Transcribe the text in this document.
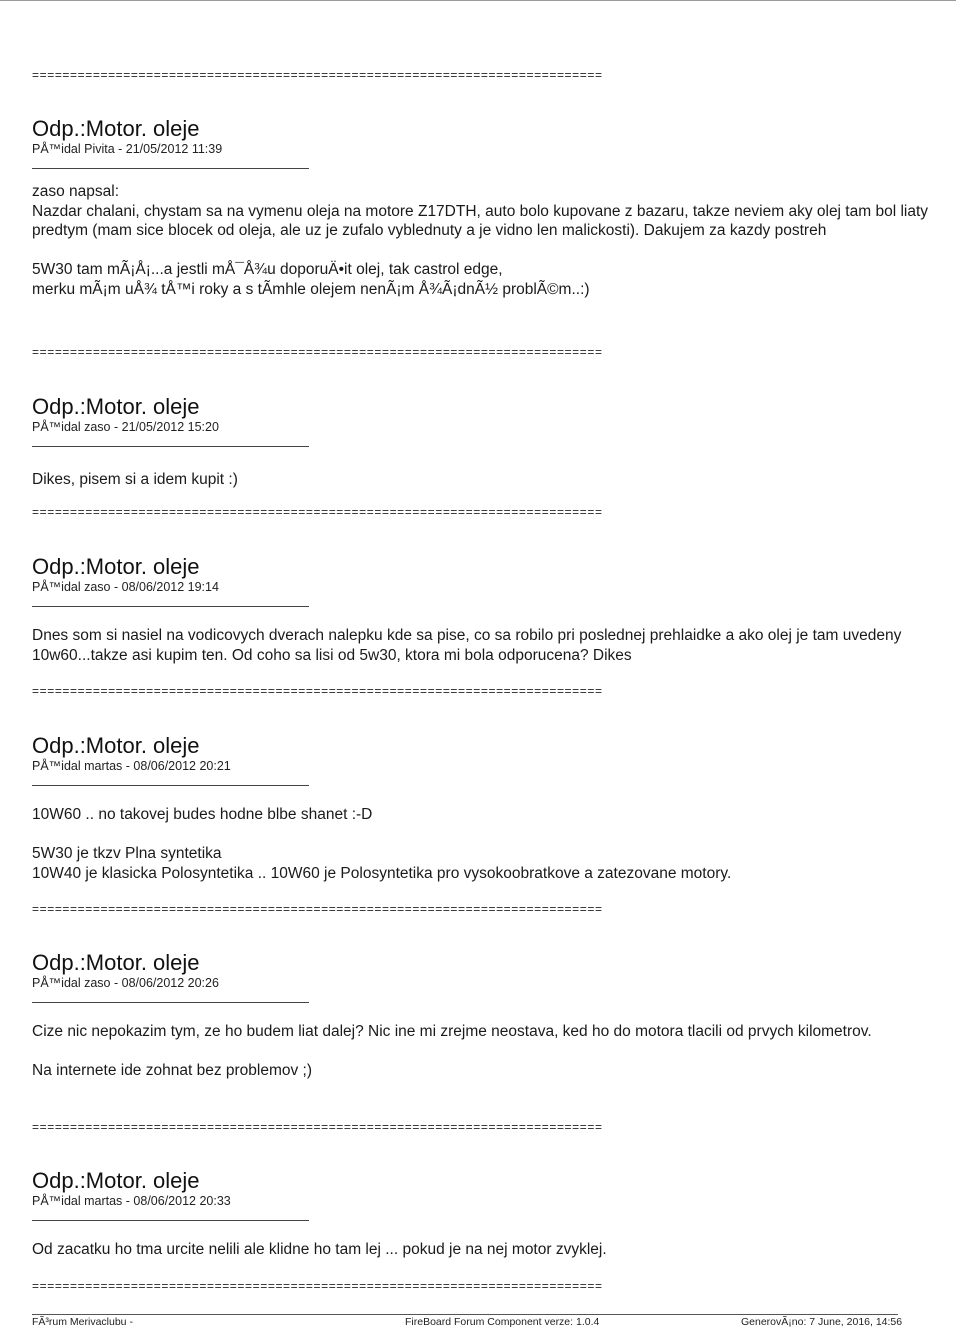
===========================================================================
===========================================================================
===========================================================================
===========================================================================
===========================================================================
===========================================================================
===========================================================================
Odp.:Motor. oleje
PÅ™idal Pivita - 21/05/2012 11:39

zaso napsal:
Nazdar chalani, chystam sa na vymenu oleja na motore Z17DTH, auto bolo kupovane z bazaru, takze neviem aky olej tam bol liaty predtym (mam sice blocek od oleja, ale uz je zufalo vyblednuty a je vidno len malickosti). Dakujem za kazdy postreh

5W30 tam mÃ¡Å¡...a jestli mÅ¯Å¾u doporuÄ•it olej, tak castrol edge,
merku mÃ¡m uÅ¾ tÅ™i roky a s tÃmhle olejem nenÃ¡m Å¾Ã¡dnÃ½ problÃ©m..:)

Odp.:Motor. oleje
PÅ™idal zaso - 21/05/2012 15:20

Dikes, pisem si a idem kupit :)

Odp.:Motor. oleje
PÅ™idal zaso - 08/06/2012 19:14

Dnes som si nasiel na vodicovych dverach nalepku kde sa pise, co sa robilo pri poslednej prehlaidke a ako olej je tam uvedeny 10w60...takze asi kupim ten. Od coho sa lisi od 5w30, ktora mi bola odporucena? Dikes

Odp.:Motor. oleje
PÅ™idal martas - 08/06/2012 20:21

10W60 .. no takovej budes hodne blbe shanet :-D

5W30 je tkzv Plna syntetika
10W40 je klasicka Polosyntetika .. 10W60 je Polosyntetika pro vysokoobratkove a zatezovane motory.

Odp.:Motor. oleje
PÅ™idal zaso - 08/06/2012 20:26

Cize nic nepokazim tym, ze ho budem liat dalej? Nic ine mi zrejme neostava, ked ho do motora tlacili od prvych kilometrov.

Na internete ide zohnat bez problemov ;)

Odp.:Motor. oleje
PÅ™idal martas - 08/06/2012 20:33

Od zacatku ho tma urcite nelili ale klidne ho tam lej ... pokud je na nej motor zvyklej.

FÃ³rum Merivaclubu -	FireBoard Forum Component verze: 1.0.4	GenerovÃ¡no: 7 June, 2016, 14:56
